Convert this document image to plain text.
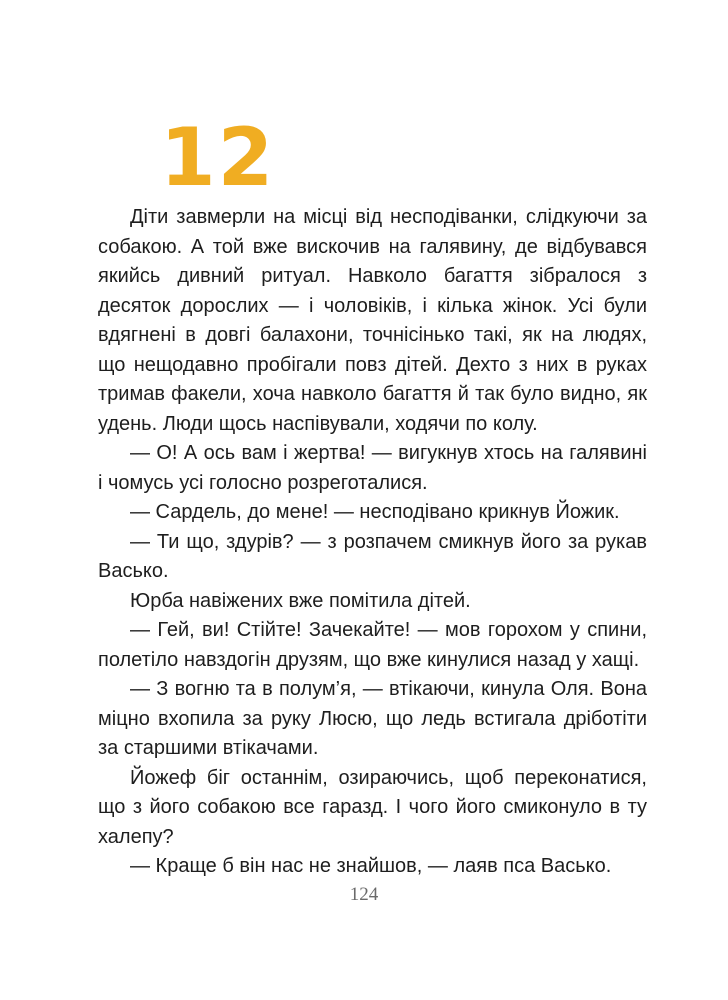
12

Діти завмерли на місці від несподіванки, слідкуючи за собакою. А той вже вискочив на галявину, де відбувався якийсь дивний ритуал. Навколо багаття зібралося з десяток дорослих — і чоловіків, і кілька жінок. Усі були вдягнені в довгі балахони, точнісінько такі, як на людях, що нещодавно пробігали повз дітей. Дехто з них в руках тримав факели, хоча навколо багаття й так було видно, як удень. Люди щось наспівували, ходячи по колу.

— О! А ось вам і жертва! — вигукнув хтось на галявині і чомусь усі голосно розреготалися.

— Сардель, до мене! — несподівано крикнув Йожик.

— Ти що, здурів? — з розпачем смикнув його за рукав Васько.

Юрба навіжених вже помітила дітей.

— Гей, ви! Стійте! Зачекайте! — мов горохом у спини, полетіло навздогін друзям, що вже кинулися назад у хащі.

— З вогню та в полум’я, — втікаючи, кинула Оля. Вона міцно вхопила за руку Люсю, що ледь встигала дріботіти за старшими втікачами.

Йожеф біг останнім, озираючись, щоб переконатися, що з його собакою все гаразд. І чого його смиконуло в ту халепу?

— Краще б він нас не знайшов, — лаяв пса Васько.

124
